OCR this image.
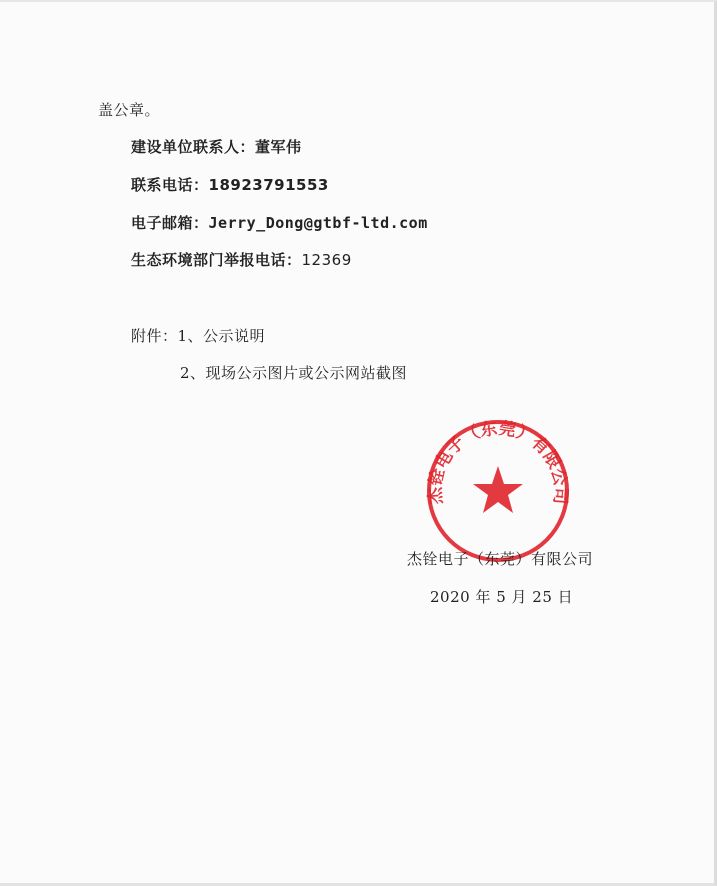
盖公章。
建设单位联系人：董军伟
联系电话：18923791553
电子邮箱：Jerry_Dong@gtbf-ltd.com
生态环境部门举报电话：12369
附件：1、公示说明
2、现场公示图片或公示网站截图
杰铨电子（东莞）有限公司
杰铨电子（东莞）有限公司
2020 年 5 月 25 日
